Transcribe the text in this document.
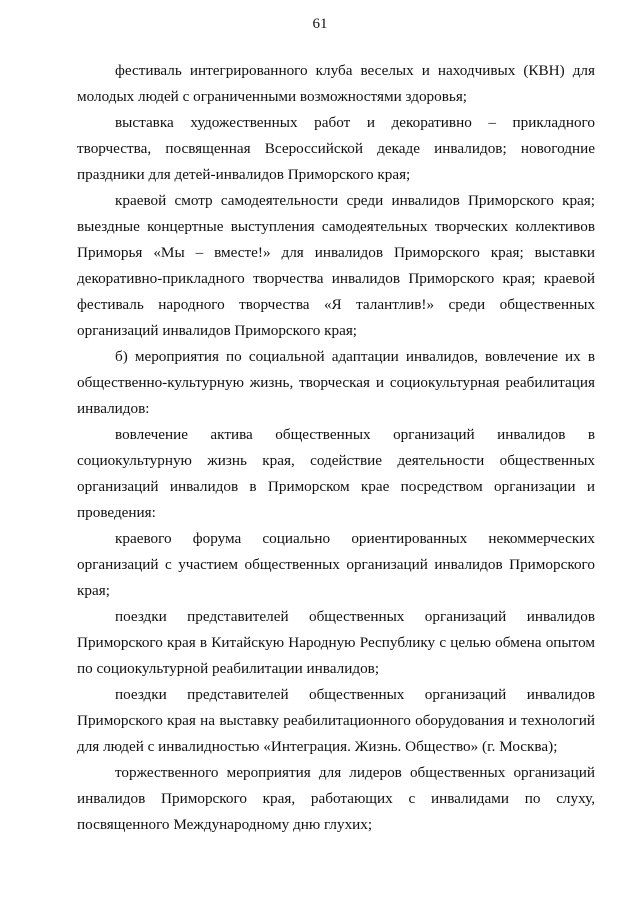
61

фестиваль интегрированного клуба веселых и находчивых (КВН) для молодых людей с ограниченными возможностями здоровья;

выставка художественных работ и декоративно – прикладного творчества, посвященная Всероссийской декаде инвалидов; новогодние праздники для детей-инвалидов Приморского края;

краевой смотр самодеятельности среди инвалидов Приморского края; выездные концертные выступления самодеятельных творческих коллективов Приморья «Мы – вместе!» для инвалидов Приморского края; выставки декоративно-прикладного творчества инвалидов Приморского края; краевой фестиваль народного творчества «Я талантлив!» среди общественных организаций инвалидов Приморского края;

б) мероприятия по социальной адаптации инвалидов, вовлечение их в общественно-культурную жизнь, творческая и социокультурная реабилитация инвалидов:

вовлечение актива общественных организаций инвалидов в социокультурную жизнь края, содействие деятельности общественных организаций инвалидов в Приморском крае посредством организации и проведения:

краевого форума социально ориентированных некоммерческих организаций с участием общественных организаций инвалидов Приморского края;

поездки представителей общественных организаций инвалидов Приморского края в Китайскую Народную Республику с целью обмена опытом по социокультурной реабилитации инвалидов;

поездки представителей общественных организаций инвалидов Приморского края на выставку реабилитационного оборудования и технологий для людей с инвалидностью «Интеграция. Жизнь. Общество» (г. Москва);

торжественного мероприятия для лидеров общественных организаций инвалидов Приморского края, работающих с инвалидами по слуху, посвященного Международному дню глухих;
